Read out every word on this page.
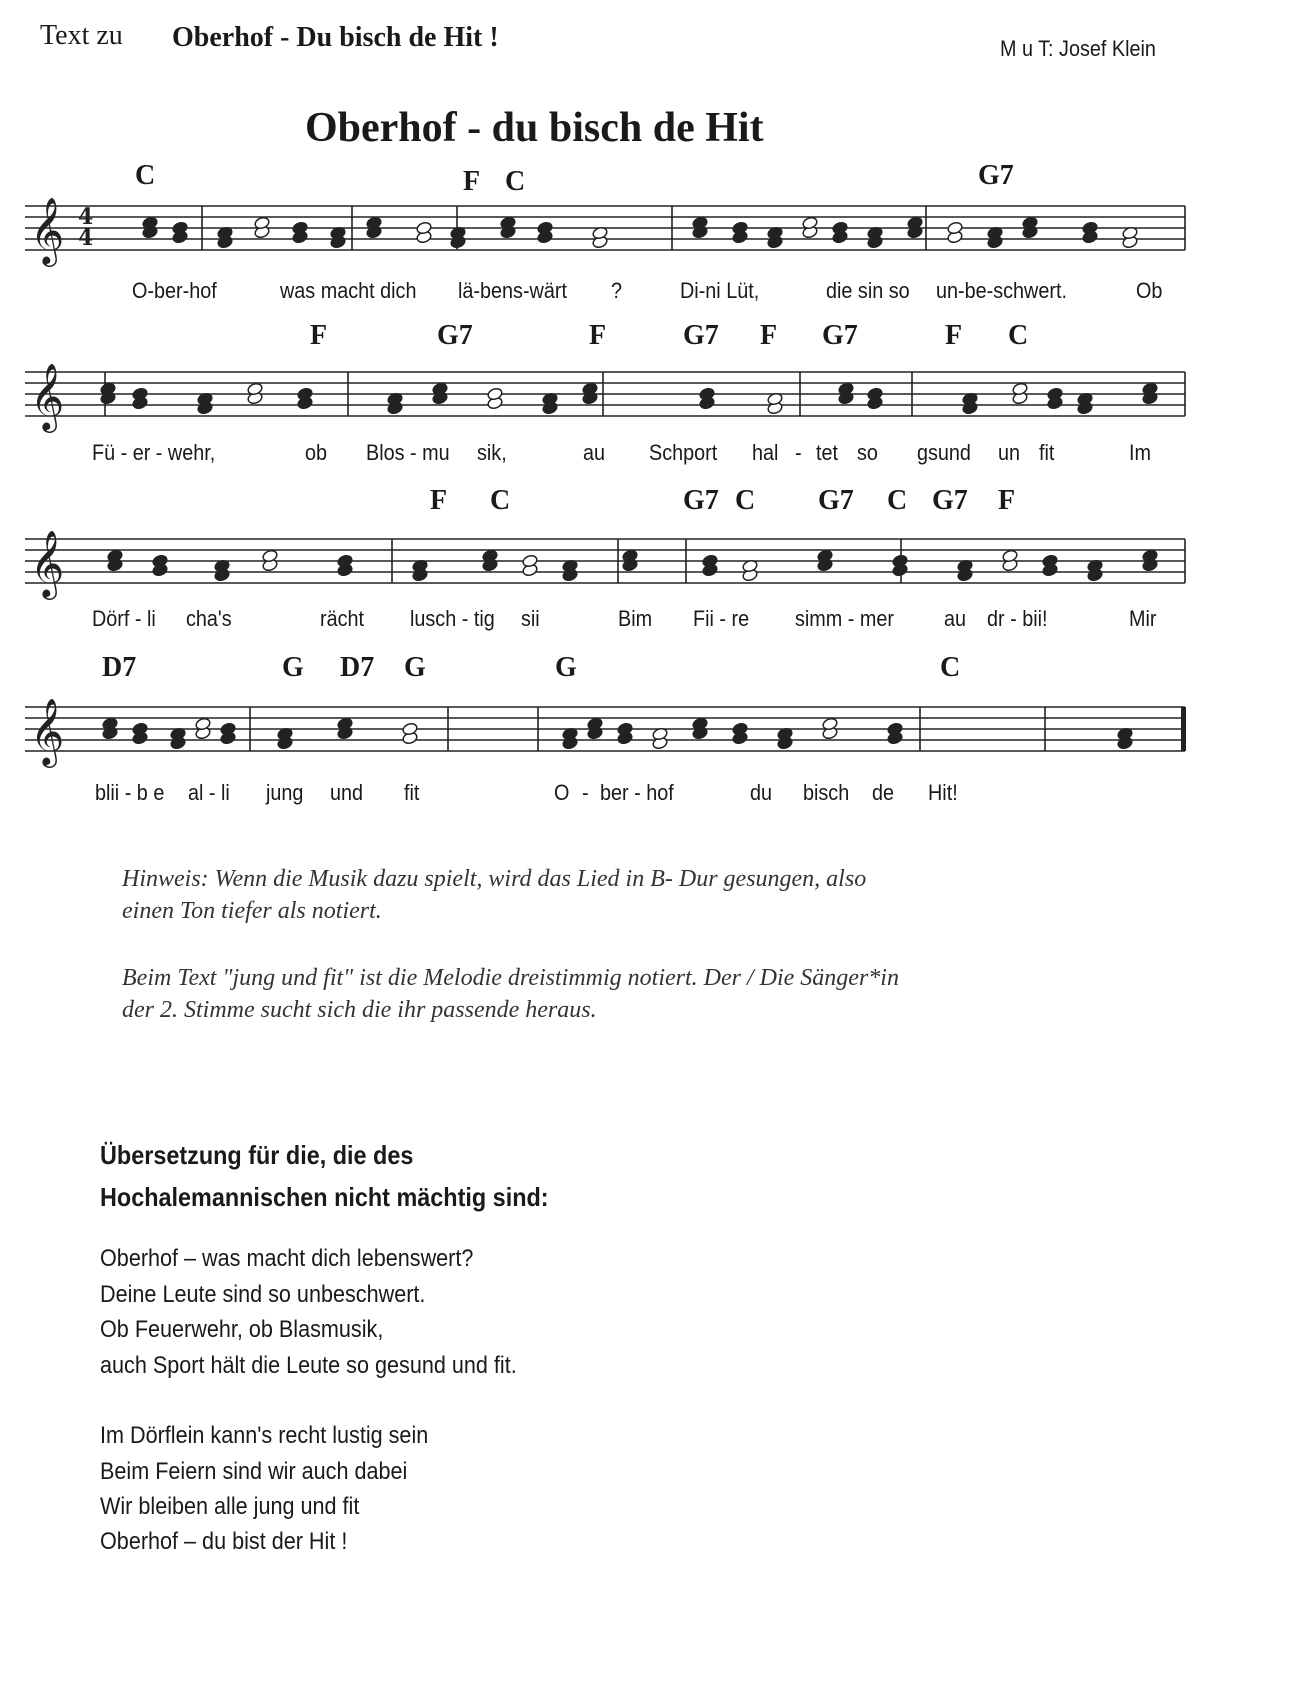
Text zu Oberhof - Du bisch de Hit !	M u T: Josef Klein
Oberhof - du bisch de Hit
𝄞
𝄞
𝄞
𝄞
4
4
C	F C	G7
O-ber-hof	was macht dich lä-bens-wärt ?	Di-ni Lüt,	die sin so un-be-schwert.	Ob
F	G7	F	G7 F G7	F C
Fü - er - wehr,	ob Blos - mu sik,	au Schport hal - tet so gsund un fit	Im
F C	G7 C G7 C G7 F
Dörf - li cha's	rächt lusch - tig sii	Bim Fii - re simm - mer au dr - bii!	Mir
D7	G D7 G	G	C
blii - b e al - li jung und fit	O - ber - hof	du bisch de Hit!
Hinweis: Wenn die Musik dazu spielt, wird das Lied in B- Dur gesungen, also
einen Ton tiefer als notiert.
Beim Text "jung und fit" ist die Melodie dreistimmig notiert. Der / Die Sänger*in
der 2. Stimme sucht sich die ihr passende heraus.
Übersetzung für die, die des
Hochalemannischen nicht mächtig sind:
Oberhof – was macht dich lebenswert?
Deine Leute sind so unbeschwert.
Ob Feuerwehr, ob Blasmusik,
auch Sport hält die Leute so gesund und fit.
Im Dörflein kann's recht lustig sein
Beim Feiern sind wir auch dabei
Wir bleiben alle jung und fit
Oberhof – du bist der Hit !
